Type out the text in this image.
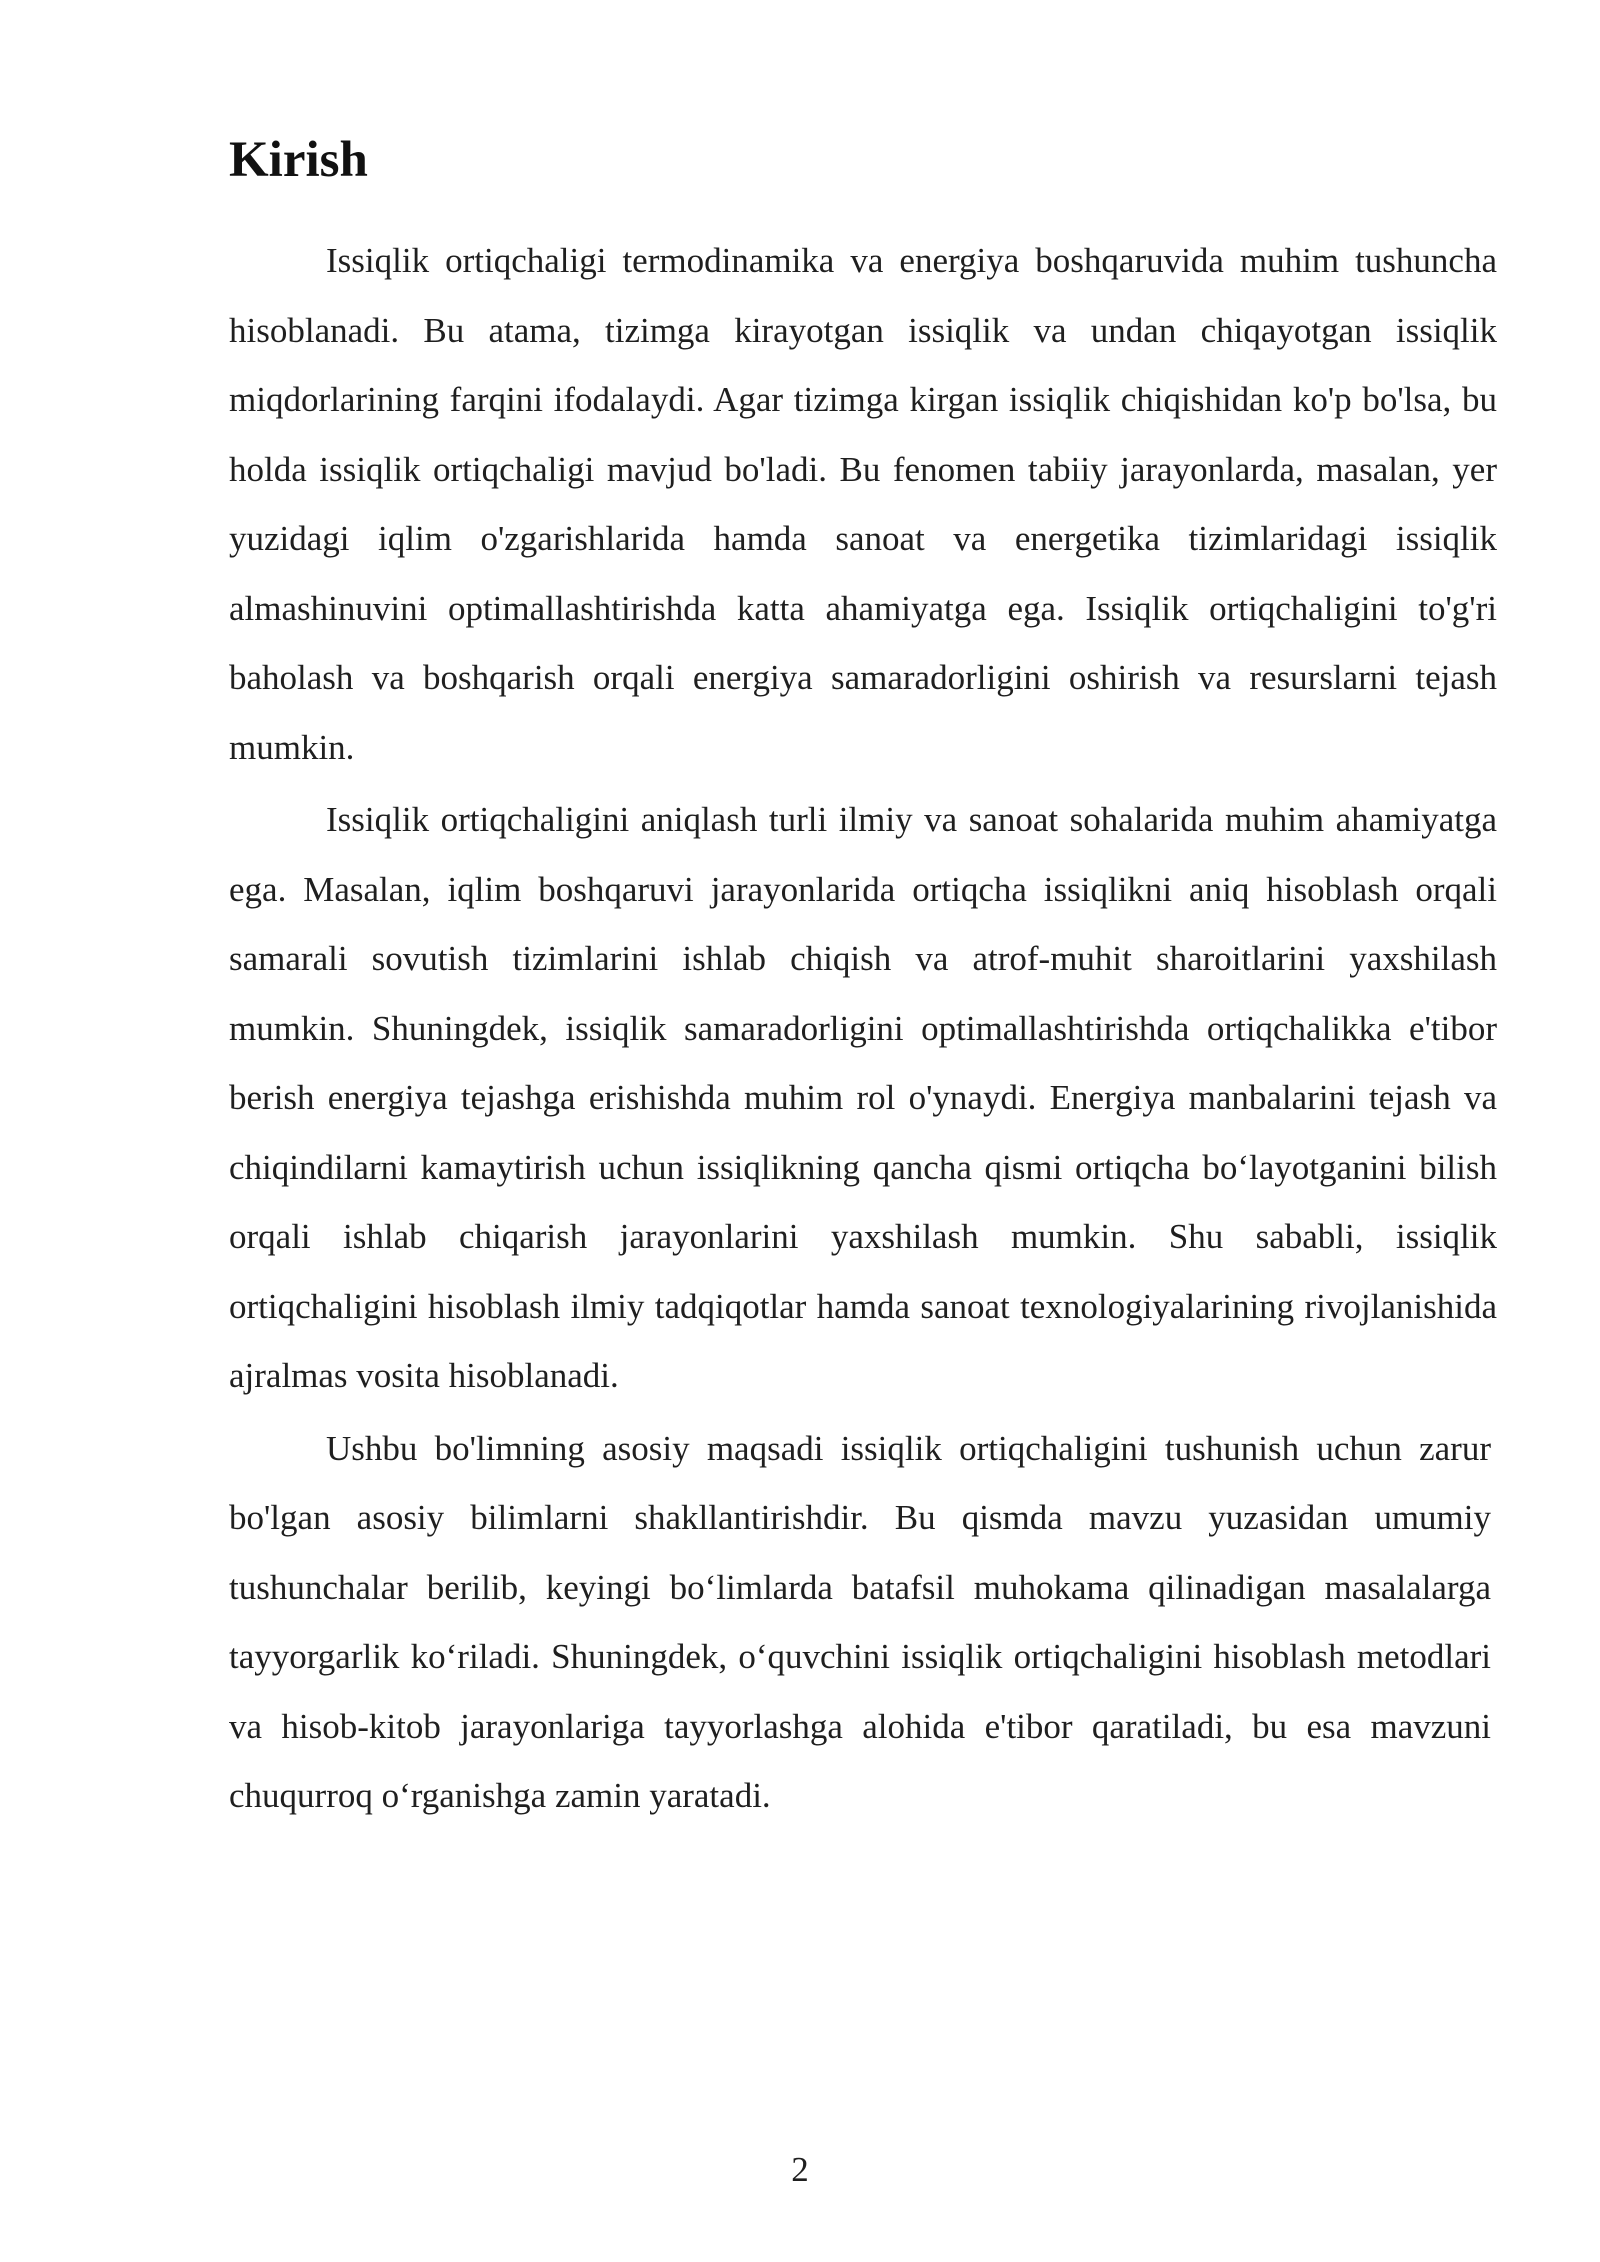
Kirish

Issiqlik ortiqchaligi termodinamika va energiya boshqaruvida muhim tushuncha hisoblanadi. Bu atama, tizimga kirayotgan issiqlik va undan chiqayotgan issiqlik miqdorlarining farqini ifodalaydi. Agar tizimga kirgan issiqlik chiqishidan ko'p bo'lsa, bu holda issiqlik ortiqchaligi mavjud bo'ladi. Bu fenomen tabiiy jarayonlarda, masalan, yer yuzidagi iqlim o'zgarishlarida hamda sanoat va energetika tizimlaridagi issiqlik almashinuvini optimallashtirishda katta ahamiyatga ega. Issiqlik ortiqchaligini to'g'ri baholash va boshqarish orqali energiya samaradorligini oshirish va resurslarni tejash mumkin.

Issiqlik ortiqchaligini aniqlash turli ilmiy va sanoat sohalarida muhim ahamiyatga ega. Masalan, iqlim boshqaruvi jarayonlarida ortiqcha issiqlikni aniq hisoblash orqali samarali sovutish tizimlarini ishlab chiqish va atrof-muhit sharoitlarini yaxshilash mumkin. Shuningdek, issiqlik samaradorligini optimallashtirishda ortiqchalikka e'tibor berish energiya tejashga erishishda muhim rol o'ynaydi. Energiya manbalarini tejash va chiqindilarni kamaytirish uchun issiqlikning qancha qismi ortiqcha bo‘layotganini bilish orqali ishlab chiqarish jarayonlarini yaxshilash mumkin. Shu sababli, issiqlik ortiqchaligini hisoblash ilmiy tadqiqotlar hamda sanoat texnologiyalarining rivojlanishida ajralmas vosita hisoblanadi.

Ushbu bo'limning asosiy maqsadi issiqlik ortiqchaligini tushunish uchun zarur bo'lgan asosiy bilimlarni shakllantirishdir. Bu qismda mavzu yuzasidan umumiy tushunchalar berilib, keyingi bo‘limlarda batafsil muhokama qilinadigan masalalarga tayyorgarlik ko‘riladi. Shuningdek, o‘quvchini issiqlik ortiqchaligini hisoblash metodlari va hisob-kitob jarayonlariga tayyorlashga alohida e'tibor qaratiladi, bu esa mavzuni chuqurroq o‘rganishga zamin yaratadi.

2
